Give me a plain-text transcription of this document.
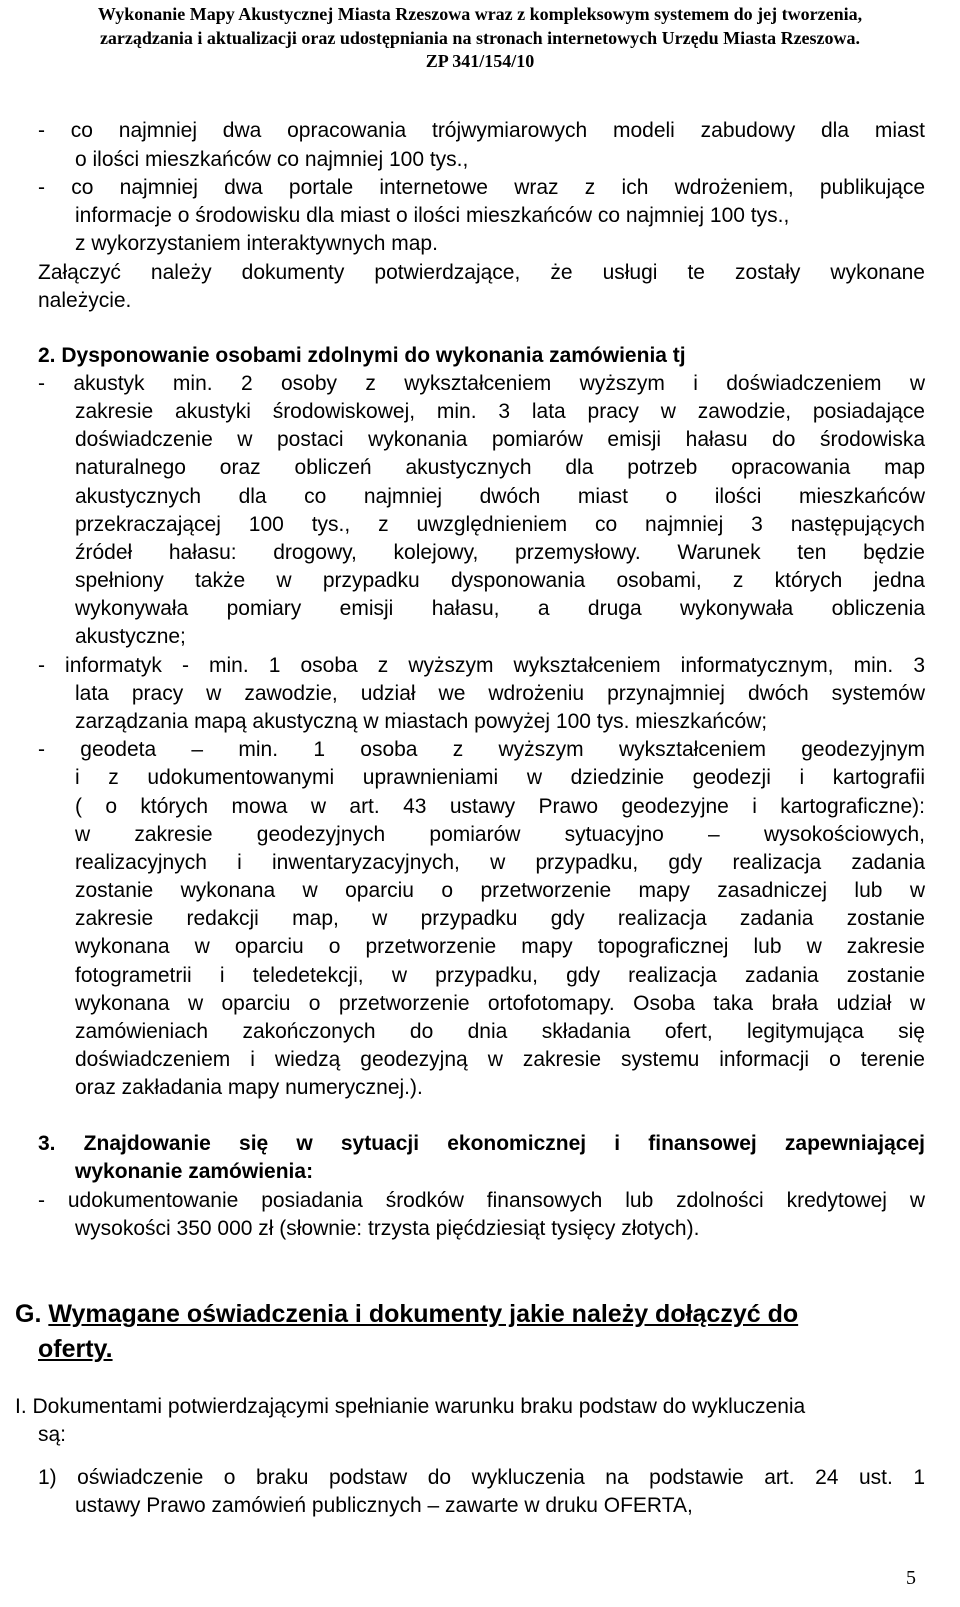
Wykonanie Mapy Akustycznej Miasta Rzeszowa wraz z kompleksowym systemem do jej tworzenia,
zarządzania i aktualizacji oraz udostępniania na stronach internetowych Urzędu Miasta Rzeszowa.
ZP 341/154/10
- co najmniej dwa opracowania trójwymiarowych modeli zabudowy dla miast
o ilości mieszkańców co najmniej 100 tys.,
- co najmniej dwa portale internetowe wraz z ich wdrożeniem, publikujące
informacje o środowisku dla miast o ilości mieszkańców co najmniej 100 tys.,
z wykorzystaniem interaktywnych map.
Załączyć należy dokumenty potwierdzające, że usługi te zostały wykonane
należycie.
2. Dysponowanie osobami zdolnymi do wykonania zamówienia tj
- akustyk min. 2 osoby z wykształceniem wyższym i doświadczeniem w
zakresie akustyki środowiskowej, min. 3 lata pracy w zawodzie, posiadające
doświadczenie w postaci wykonania pomiarów emisji hałasu do środowiska
naturalnego oraz obliczeń akustycznych dla potrzeb opracowania map
akustycznych dla co najmniej dwóch miast o ilości mieszkańców
przekraczającej 100 tys., z uwzględnieniem co najmniej 3 następujących
źródeł hałasu: drogowy, kolejowy, przemysłowy. Warunek ten będzie
spełniony także w przypadku dysponowania osobami, z których jedna
wykonywała pomiary emisji hałasu, a druga wykonywała obliczenia
akustyczne;
- informatyk - min. 1 osoba z wyższym wykształceniem informatycznym, min. 3
lata pracy w zawodzie, udział we wdrożeniu przynajmniej dwóch systemów
zarządzania mapą akustyczną w miastach powyżej 100 tys. mieszkańców;
- geodeta – min. 1 osoba z wyższym wykształceniem geodezyjnym
i z udokumentowanymi uprawnieniami w dziedzinie geodezji i kartografii
( o których mowa w art. 43 ustawy Prawo geodezyjne i kartograficzne):
w zakresie geodezyjnych pomiarów sytuacyjno – wysokościowych,
realizacyjnych i inwentaryzacyjnych, w przypadku, gdy realizacja zadania
zostanie wykonana w oparciu o przetworzenie mapy zasadniczej lub w
zakresie redakcji map, w przypadku gdy realizacja zadania zostanie
wykonana w oparciu o przetworzenie mapy topograficznej lub w zakresie
fotogrametrii i teledetekcji, w przypadku, gdy realizacja zadania zostanie
wykonana w oparciu o przetworzenie ortofotomapy. Osoba taka brała udział w
zamówieniach zakończonych do dnia składania ofert, legitymująca się
doświadczeniem i wiedzą geodezyjną w zakresie systemu informacji o terenie
oraz zakładania mapy numerycznej.).
3. Znajdowanie się w sytuacji ekonomicznej i finansowej zapewniającej
wykonanie zamówienia:
- udokumentowanie posiadania środków finansowych lub zdolności kredytowej w
wysokości 350 000 zł (słownie: trzysta pięćdziesiąt tysięcy złotych).
G. Wymagane oświadczenia i dokumenty jakie należy dołączyć do
oferty.
I. Dokumentami potwierdzającymi spełnianie warunku braku podstaw do wykluczenia
są:
1) oświadczenie o braku podstaw do wykluczenia na podstawie art. 24 ust. 1
ustawy Prawo zamówień publicznych – zawarte w druku OFERTA,
5
